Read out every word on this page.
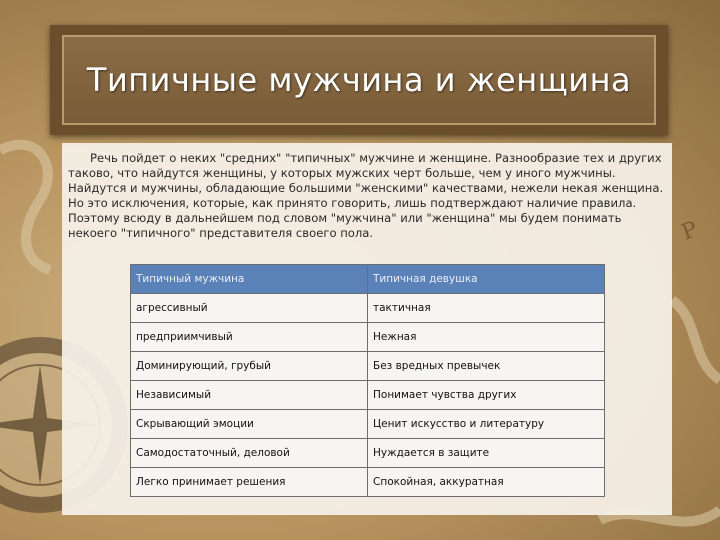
P
Типичные мужчина и женщина

Речь пойдет о неких "средних" "типичных" мужчине и женщине. Разнообразие тех и других таково, что найдутся женщины, у которых мужских черт больше, чем у иного мужчины. Найдутся и мужчины, обладающие большими "женскими" качествами, нежели некая женщина. Но это исключения, которые, как принято говорить, лишь подтверждают наличие правила. Поэтому всюду в дальнейшем под словом "мужчина" или "женщина" мы будем понимать некоего "типичного" представителя своего пола.

Типичный мужчина	Типичная девушка
агрессивный	тактичная
предприимчивый	Нежная
Доминирующий, грубый	Без вредных превычек
Независимый	Понимает чувства других
Скрывающий эмоции	Ценит искусство и литературу
Самодостаточный, деловой	Нуждается в защите
Легко принимает решения	Спокойная, аккуратная
